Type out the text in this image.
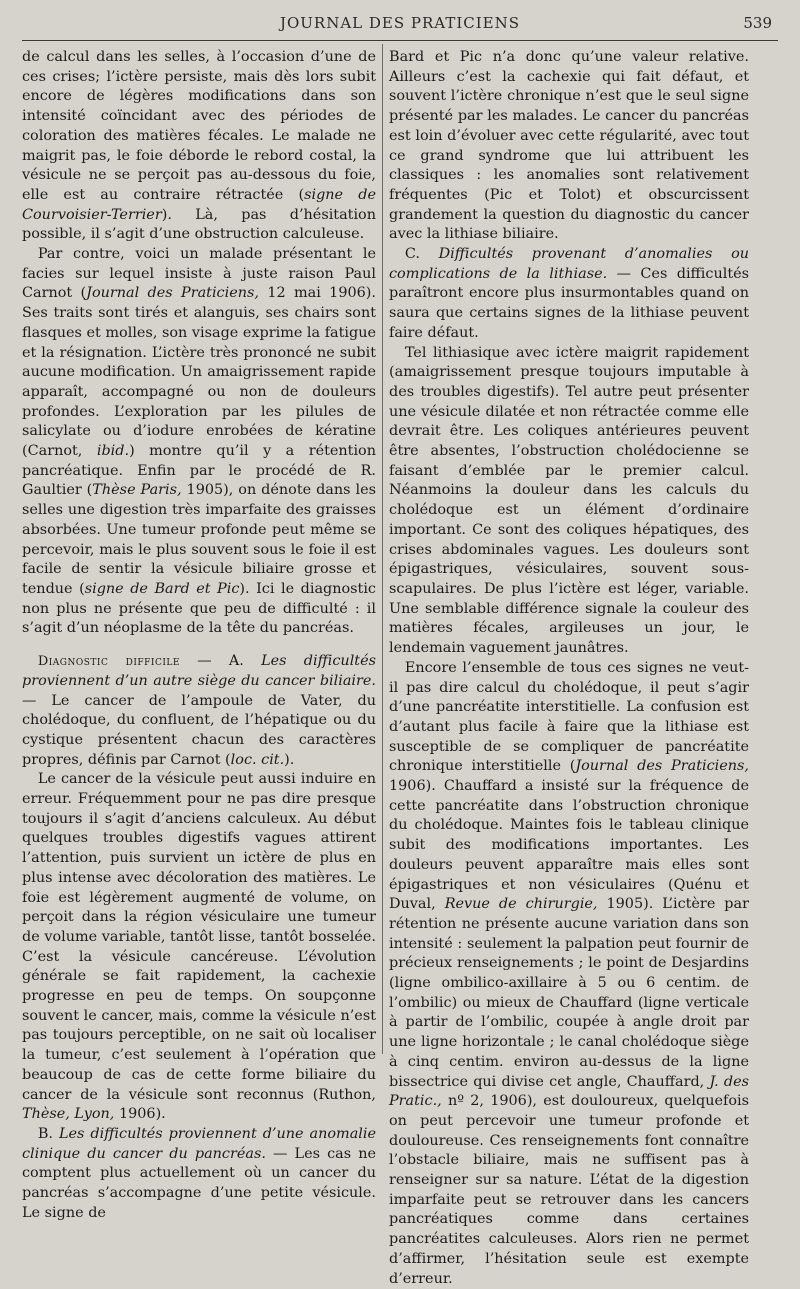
JOURNAL DES PRATICIENS	539

de calcul dans les selles, à l’occasion d’une de ces crises; l’ictère persiste, mais dès lors subit encore de légères modifications dans son intensité coïncidant avec des périodes de coloration des matières fécales. Le malade ne maigrit pas, le foie déborde le rebord costal, la vésicule ne se perçoit pas au-dessous du foie, elle est au contraire rétractée (signe de Courvoisier-Terrier). Là, pas d’hésitation possible, il s’agit d’une obstruction calculeuse.

Par contre, voici un malade présentant le facies sur lequel insiste à juste raison Paul Carnot (Journal des Praticiens, 12 mai 1906). Ses traits sont tirés et alanguis, ses chairs sont flasques et molles, son visage exprime la fatigue et la résignation. L’ictère très prononcé ne subit aucune modification. Un amaigrissement rapide apparaît, accompagné ou non de douleurs profondes. L’exploration par les pilules de salicylate ou d’iodure enrobées de kératine (Carnot, ibid.) montre qu’il y a rétention pancréatique. Enfin par le procédé de R. Gaultier (Thèse Paris, 1905), on dénote dans les selles une digestion très imparfaite des graisses absorbées. Une tumeur profonde peut même se percevoir, mais le plus souvent sous le foie il est facile de sentir la vésicule biliaire grosse et tendue (signe de Bard et Pic). Ici le diagnostic non plus ne présente que peu de difficulté : il s’agit d’un néoplasme de la tête du pancréas.

Diagnostic difficile — A. Les difficultés proviennent d’un autre siège du cancer biliaire. — Le cancer de l’ampoule de Vater, du cholédoque, du confluent, de l’hépatique ou du cystique présentent chacun des caractères propres, définis par Carnot (loc. cit.).

Le cancer de la vésicule peut aussi induire en erreur. Fréquemment pour ne pas dire presque toujours il s’agit d’anciens calculeux. Au début quelques troubles digestifs vagues attirent l’attention, puis survient un ictère de plus en plus intense avec décoloration des matières. Le foie est légèrement augmenté de volume, on perçoit dans la région vésiculaire une tumeur de volume variable, tantôt lisse, tantôt bosselée. C’est la vésicule cancéreuse. L’évolution générale se fait rapidement, la cachexie progresse en peu de temps. On soupçonne souvent le cancer, mais, comme la vésicule n’est pas toujours perceptible, on ne sait où localiser la tumeur, c’est seulement à l’opération que beaucoup de cas de cette forme biliaire du cancer de la vésicule sont reconnus (Ruthon, Thèse, Lyon, 1906).

B. Les difficultés proviennent d’une anomalie clinique du cancer du pancréas. — Les cas ne comptent plus actuellement où un cancer du pancréas s’accompagne d’une petite vésicule. Le signe de

Bard et Pic n’a donc qu’une valeur relative. Ailleurs c’est la cachexie qui fait défaut, et souvent l’ictère chronique n’est que le seul signe présenté par les malades. Le cancer du pancréas est loin d’évoluer avec cette régularité, avec tout ce grand syndrome que lui attribuent les classiques : les anomalies sont relativement fréquentes (Pic et Tolot) et obscurcissent grandement la question du diagnostic du cancer avec la lithiase biliaire.

C. Difficultés provenant d’anomalies ou complications de la lithiase. — Ces difficultés paraîtront encore plus insurmontables quand on saura que certains signes de la lithiase peuvent faire défaut.

Tel lithiasique avec ictère maigrit rapidement (amaigrissement presque toujours imputable à des troubles digestifs). Tel autre peut présenter une vésicule dilatée et non rétractée comme elle devrait être. Les coliques antérieures peuvent être absentes, l’obstruction cholédocienne se faisant d’emblée par le premier calcul. Néanmoins la douleur dans les calculs du cholédoque est un élément d’ordinaire important. Ce sont des coliques hépatiques, des crises abdominales vagues. Les douleurs sont épigastriques, vésiculaires, souvent sous-scapulaires. De plus l’ictère est léger, variable. Une semblable différence signale la couleur des matières fécales, argileuses un jour, le lendemain vaguement jaunâtres.

Encore l’ensemble de tous ces signes ne veut-il pas dire calcul du cholédoque, il peut s’agir d’une pancréatite interstitielle. La confusion est d’autant plus facile à faire que la lithiase est susceptible de se compliquer de pancréatite chronique interstitielle (Journal des Praticiens, 1906). Chauffard a insisté sur la fréquence de cette pancréatite dans l’obstruction chronique du cholédoque. Maintes fois le tableau clinique subit des modifications importantes. Les douleurs peuvent apparaître mais elles sont épigastriques et non vésiculaires (Quénu et Duval, Revue de chirurgie, 1905). L’ictère par rétention ne présente aucune variation dans son intensité : seulement la palpation peut fournir de précieux renseignements ; le point de Desjardins (ligne ombilico-axillaire à 5 ou 6 centim. de l’ombilic) ou mieux de Chauffard (ligne verticale à partir de l’ombilic, coupée à angle droit par une ligne horizontale ; le canal cholédoque siège à cinq centim. environ au-dessus de la ligne bissectrice qui divise cet angle, Chauffard, J. des Pratic., nº 2, 1906), est douloureux, quelquefois on peut percevoir une tumeur profonde et douloureuse. Ces renseignements font connaître l’obstacle biliaire, mais ne suffisent pas à renseigner sur sa nature. L’état de la digestion imparfaite peut se retrouver dans les cancers pancréatiques comme dans certaines pancréatites calculeuses. Alors rien ne permet d’affirmer, l’hésitation seule est exempte d’erreur.
